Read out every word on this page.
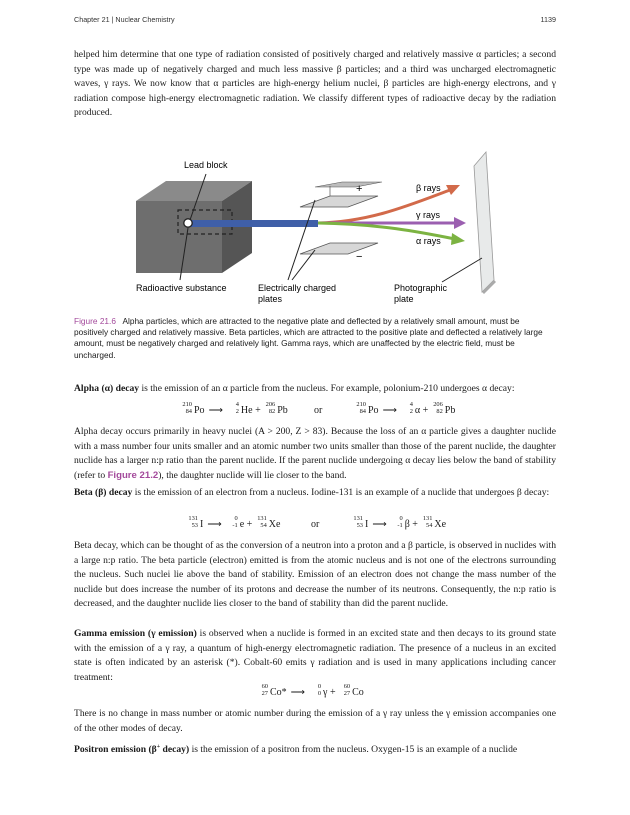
Chapter 21 | Nuclear Chemistry	1139

helped him determine that one type of radiation consisted of positively charged and relatively massive α particles; a second type was made up of negatively charged and much less massive β particles; and a third was uncharged electromagnetic waves, γ rays. We now know that α particles are high-energy helium nuclei, β particles are high-energy electrons, and γ radiation compose high-energy electromagnetic radiation. We classify different types of radioactive decay by the radiation produced.

Lead block
+
−
β rays
γ rays
α rays
Radioactive substance	Electrically charged
plates
Photographic
plate
Figure 21.6 Alpha particles, which are attracted to the negative plate and deflected by a relatively small amount, must be positively charged and relatively massive. Beta particles, which are attracted to the positive plate and deflected a relatively large amount, must be negatively charged and relatively light. Gamma rays, which are unaffected by the electric field, must be uncharged.

Alpha (α) decay is the emission of an α particle from the nucleus. For example, polonium-210 undergoes α decay:

210
84 Po ⟶
4
2 He +
206
82 Pb	or
210
84 Po ⟶
4
2 α +
206
82 Pb

Alpha decay occurs primarily in heavy nuclei (A > 200, Z > 83). Because the loss of an α particle gives a daughter nuclide with a mass number four units smaller and an atomic number two units smaller than those of the parent nuclide, the daughter nuclide has a larger n:p ratio than the parent nuclide. If the parent nuclide undergoing α decay lies below the band of stability (refer to Figure 21.2), the daughter nuclide will lie closer to the band.

Beta (β) decay is the emission of an electron from a nucleus. Iodine-131 is an example of a nuclide that undergoes β decay:

131
53 I ⟶
0
-1 e +
131
54 Xe	or
131
53 I ⟶
0
-1 β +
131
54 Xe

Beta decay, which can be thought of as the conversion of a neutron into a proton and a β particle, is observed in nuclides with a large n:p ratio. The beta particle (electron) emitted is from the atomic nucleus and is not one of the electrons surrounding the nucleus. Such nuclei lie above the band of stability. Emission of an electron does not change the mass number of the nuclide but does increase the number of its protons and decrease the number of its neutrons. Consequently, the n:p ratio is decreased, and the daughter nuclide lies closer to the band of stability than did the parent nuclide.

Gamma emission (γ emission) is observed when a nuclide is formed in an excited state and then decays to its ground state with the emission of a γ ray, a quantum of high-energy electromagnetic radiation. The presence of a nucleus in an excited state is often indicated by an asterisk (*). Cobalt-60 emits γ radiation and is used in many applications including cancer treatment:

60
27 Co* ⟶
0
0 γ +
60
27 Co

There is no change in mass number or atomic number during the emission of a γ ray unless the γ emission accompanies one of the other modes of decay.

Positron emission (β+ decay) is the emission of a positron from the nucleus. Oxygen-15 is an example of a nuclide
